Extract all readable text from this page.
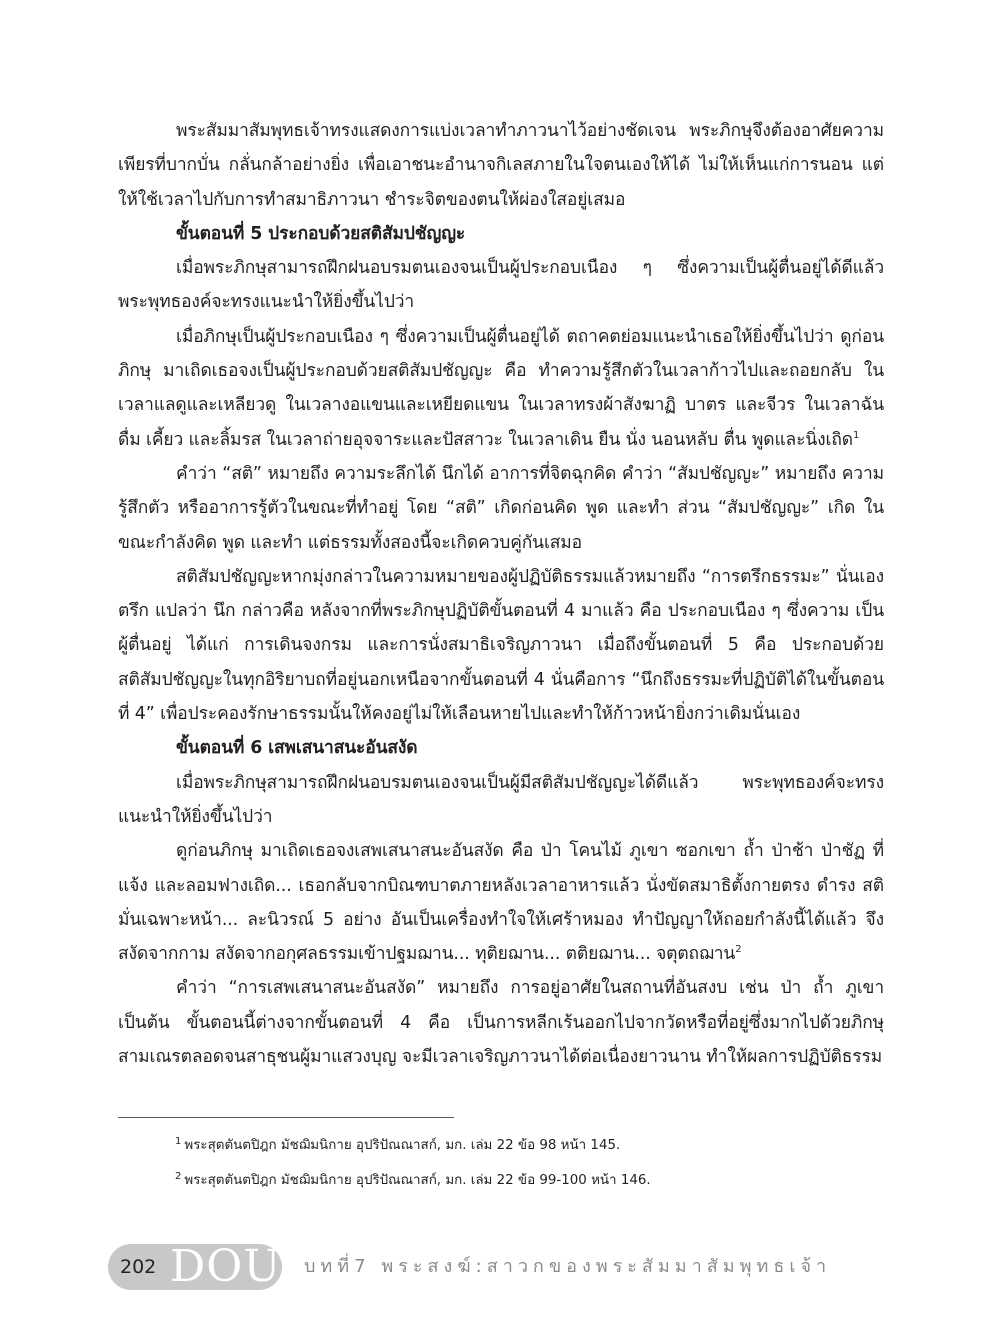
พระสัมมาสัมพุทธเจ้าทรงแสดงการแบ่งเวลาทำภาวนาไว้อย่างชัดเจน พระภิกษุจึงต้องอาศัยความเพียรที่บากบั่น กลั่นกล้าอย่างยิ่ง เพื่อเอาชนะอำนาจกิเลสภายในใจตนเองให้ได้ ไม่ให้เห็นแก่การนอน แต่ให้ใช้เวลาไปกับการทำสมาธิภาวนา ชำระจิตของตนให้ผ่องใสอยู่เสมอ

ขั้นตอนที่ 5 ประกอบด้วยสติสัมปชัญญะ

เมื่อพระภิกษุสามารถฝึกฝนอบรมตนเองจนเป็นผู้ประกอบเนือง ๆ ซึ่งความเป็นผู้ตื่นอยู่ได้ดีแล้ว พระพุทธองค์จะทรงแนะนำให้ยิ่งขึ้นไปว่า

เมื่อภิกษุเป็นผู้ประกอบเนือง ๆ ซึ่งความเป็นผู้ตื่นอยู่ได้ ตถาคตย่อมแนะนำเธอให้ยิ่งขึ้นไปว่า ดูก่อนภิกษุ มาเถิดเธอจงเป็นผู้ประกอบด้วยสติสัมปชัญญะ คือ ทำความรู้สึกตัวในเวลาก้าวไปและถอยกลับ ในเวลาแลดูและเหลียวดู ในเวลางอแขนและเหยียดแขน ในเวลาทรงผ้าสังฆาฏิ บาตร และจีวร ในเวลาฉัน ดื่ม เคี้ยว และลิ้มรส ในเวลาถ่ายอุจจาระและปัสสาวะ ในเวลาเดิน ยืน นั่ง นอนหลับ ตื่น พูดและนิ่งเถิด$^1$

คำว่า “สติ” หมายถึง ความระลึกได้ นึกได้ อาการที่จิตฉุกคิด คำว่า “สัมปชัญญะ” หมายถึง ความรู้สึกตัว หรืออาการรู้ตัวในขณะที่ทำอยู่ โดย “สติ” เกิดก่อนคิด พูด และทำ ส่วน “สัมปชัญญะ” เกิด ในขณะกำลังคิด พูด และทำ แต่ธรรมทั้งสองนี้จะเกิดควบคู่กันเสมอ

สติสัมปชัญญะหากมุ่งกล่าวในความหมายของผู้ปฏิบัติธรรมแล้วหมายถึง “การตรึกธรรมะ” นั่นเอง ตรึก แปลว่า นึก กล่าวคือ หลังจากที่พระภิกษุปฏิบัติขั้นตอนที่ 4 มาแล้ว คือ ประกอบเนือง ๆ ซึ่งความ เป็นผู้ตื่นอยู่ ได้แก่ การเดินจงกรม และการนั่งสมาธิเจริญภาวนา เมื่อถึงขั้นตอนที่ 5 คือ ประกอบด้วย สติสัมปชัญญะในทุกอิริยาบถที่อยู่นอกเหนือจากขั้นตอนที่ 4 นั่นคือการ “นึกถึงธรรมะที่ปฏิบัติได้ในขั้นตอน ที่ 4” เพื่อประคองรักษาธรรมนั้นให้คงอยู่ไม่ให้เลือนหายไปและทำให้ก้าวหน้ายิ่งกว่าเดิมนั่นเอง

ขั้นตอนที่ 6 เสพเสนาสนะอันสงัด

เมื่อพระภิกษุสามารถฝึกฝนอบรมตนเองจนเป็นผู้มีสติสัมปชัญญะได้ดีแล้ว พระพุทธองค์จะทรง แนะนำให้ยิ่งขึ้นไปว่า

ดูก่อนภิกษุ มาเถิดเธอจงเสพเสนาสนะอันสงัด คือ ป่า โคนไม้ ภูเขา ซอกเขา ถ้ำ ป่าช้า ป่าชัฏ ที่แจ้ง และลอมฟางเถิด... เธอกลับจากบิณฑบาตภายหลังเวลาอาหารแล้ว นั่งขัดสมาธิตั้งกายตรง ดำรง สติมั่นเฉพาะหน้า... ละนิวรณ์ 5 อย่าง อันเป็นเครื่องทำใจให้เศร้าหมอง ทำปัญญาให้ถอยกำลังนี้ได้แล้ว จึงสงัดจากกาม สงัดจากอกุศลธรรมเข้าปฐมฌาน... ทุติยฌาน... ตติยฌาน... จตุตถฌาน$^2$

คำว่า “การเสพเสนาสนะอันสงัด” หมายถึง การอยู่อาศัยในสถานที่อันสงบ เช่น ป่า ถ้ำ ภูเขา เป็นต้น ขั้นตอนนี้ต่างจากขั้นตอนที่ 4 คือ เป็นการหลีกเร้นออกไปจากวัดหรือที่อยู่ซึ่งมากไปด้วยภิกษุ สามเณรตลอดจนสาธุชนผู้มาแสวงบุญ จะมีเวลาเจริญภาวนาได้ต่อเนื่องยาวนาน ทำให้ผลการปฏิบัติธรรม

$^1$ พระสุตตันตปิฎก มัชฌิมนิกาย อุปริปัณณาสก์, มก. เล่ม 22 ข้อ 98 หน้า 145.

$^2$ พระสุตตันตปิฎก มัชฌิมนิกาย อุปริปัณณาสก์, มก. เล่ม 22 ข้อ 99-100 หน้า 146.

202 DOU บทที่7 พระสงฆ์:สาวกของพระสัมมาสัมพุทธเจ้า
